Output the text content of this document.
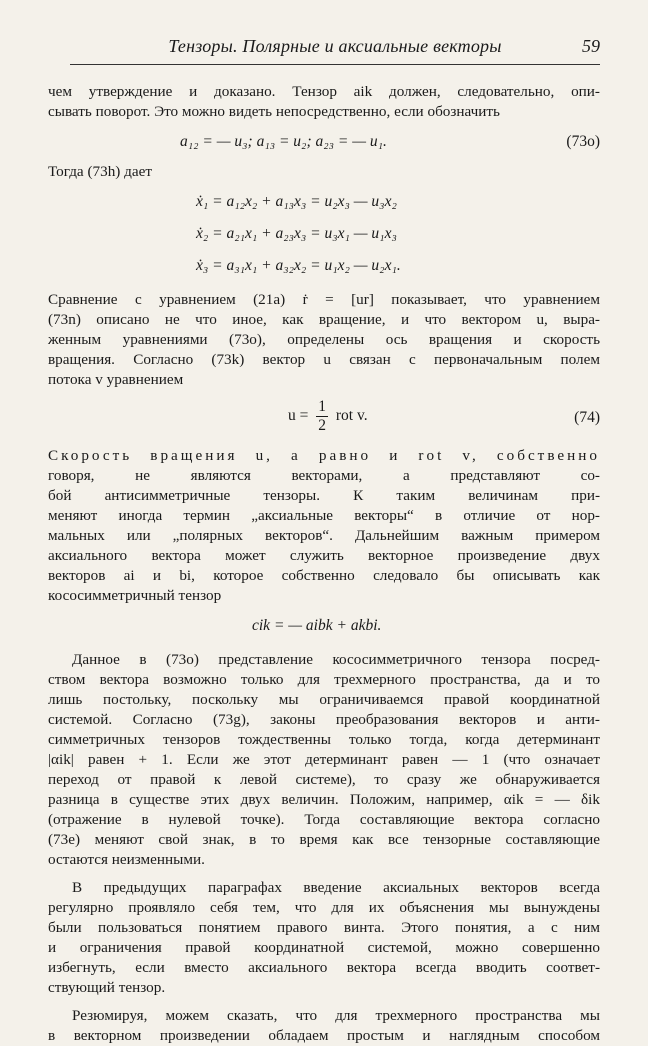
Тензоры. Полярные и аксиальные векторы	59
чем утверждение и доказано. Тензор aik должен, следовательно, опи-
сывать поворот. Это можно видеть непосредственно, если обозначить
a₁₂ = — u₃; a₁₃ = u₂; a₂₃ = — u₁.	(73o)
Тогда (73h) дает
ẋ₁ = a₁₂x₂ + a₁₃x₃ = u₂x₃ — u₃x₂
ẋ₂ = a₂₁x₁ + a₂₃x₃ = u₃x₁ — u₁x₃
ẋ₃ = a₃₁x₁ + a₃₂x₂ = u₁x₂ — u₂x₁.
Сравнение с уравнением (21a) ṙ = [ur] показывает, что уравнением
(73n) описано не что иное, как вращение, и что вектором u, выра-
женным уравнениями (73o), определены ось вращения и скорость
вращения. Согласно (73k) вектор u связан с первоначальным полем
потока v уравнением
$u = \frac{1}{2}$ rot v.	(74)
Скорость вращения u, а равно и rot v, собственно
говоря, не являются векторами, а представляют со-
бой антисимметричные тензоры. К таким величинам при-
меняют иногда термин „аксиальные векторы“ в отличие от нор-
мальных или „полярных векторов“. Дальнейшим важным примером
аксиального вектора может служить векторное произведение двух
векторов ai и bi, которое собственно следовало бы описывать как
кососимметричный тензор
cik = — aibk + akbi.
Данное в (73o) представление кососимметричного тензора посред-
ством вектора возможно только для трехмерного пространства, да и то
лишь постольку, поскольку мы ограничиваемся правой координатной
системой. Согласно (73g), законы преобразования векторов и анти-
симметричных тензоров тождественны только тогда, когда детерминант
|αik| равен + 1. Если же этот детерминант равен — 1 (что означает
переход от правой к левой системе), то сразу же обнаруживается
разница в существе этих двух величин. Положим, например, αik = — δik
(отражение в нулевой точке). Тогда составляющие вектора согласно
(73e) меняют свой знак, в то время как все тензорные составляющие
остаются неизменными.
В предыдущих параграфах введение аксиальных векторов всегда
регулярно проявляло себя тем, что для их объяснения мы вынуждены
были пользоваться понятием правого винта. Этого понятия, а с ним
и ограничения правой координатной системой, можно совершенно
избегнуть, если вместо аксиального вектора всегда вводить соответ-
ствующий тензор.
Резюмируя, можем сказать, что для трехмерного пространства мы
в векторном произведении обладаем простым и наглядным способом
